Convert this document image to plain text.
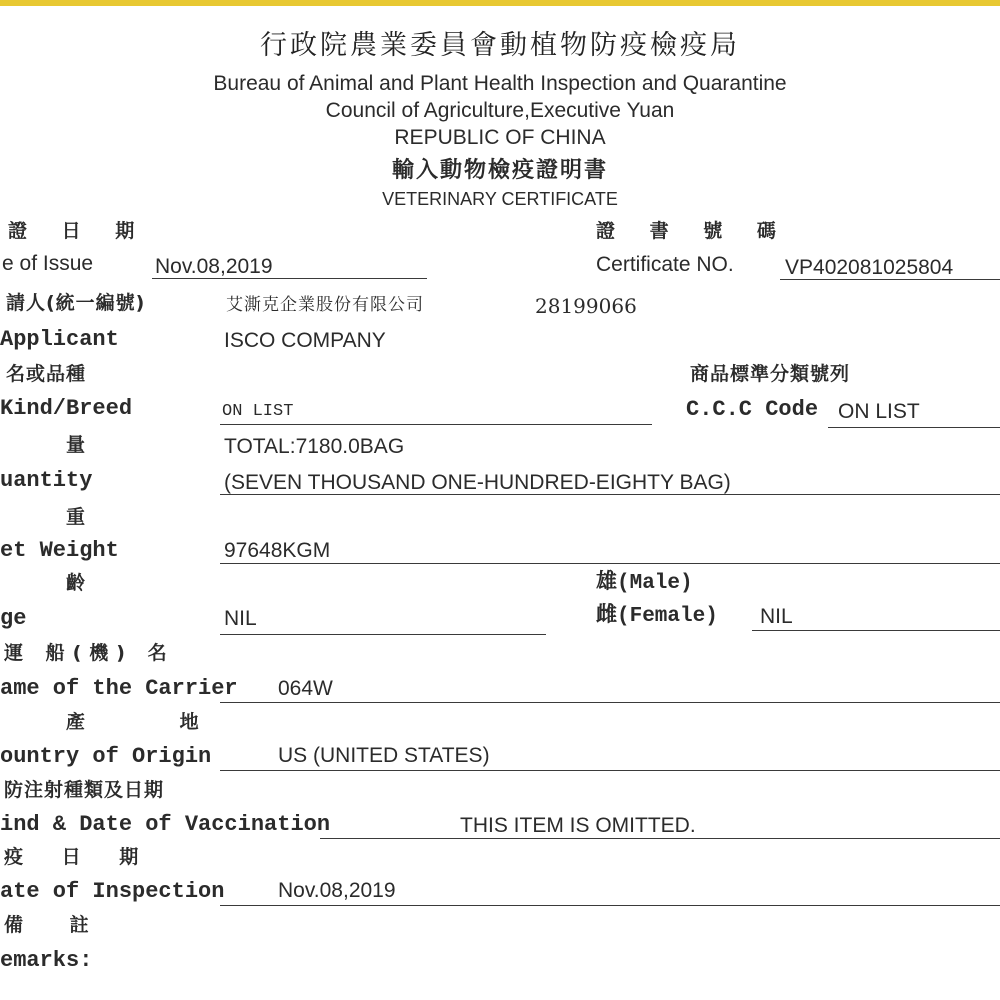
行政院農業委員會動植物防疫檢疫局
Bureau of Animal and Plant Health Inspection and Quarantine
Council of Agriculture,Executive Yuan
REPUBLIC OF CHINA
輸入動物檢疫證明書
VETERINARY CERTIFICATE
證 日 期
e of Issue	Nov.08,2019
證 書 號 碼
Certificate NO. VP402081025804
請人(統一編號)	艾澌克企業股份有限公司	28199066
Applicant	ISCO COMPANY
名或品種
Kind/Breed	ON LIST
商品標準分類號列
C.C.C Code ON LIST
量	TOTAL:7180.0BAG
uantity	(SEVEN THOUSAND ONE-HUNDRED-EIGHTY BAG)
重
et Weight	97648KGM
齡
ge	NIL
雄(Male)
雌(Female) NIL
運 船(機) 名
ame of the Carrier 064W
產 地
ountry of Origin	US (UNITED STATES)
防注射種類及日期
ind & Date of Vaccination	THIS ITEM IS OMITTED.
疫 日 期
ate of Inspection	Nov.08,2019
備 註
emarks:
